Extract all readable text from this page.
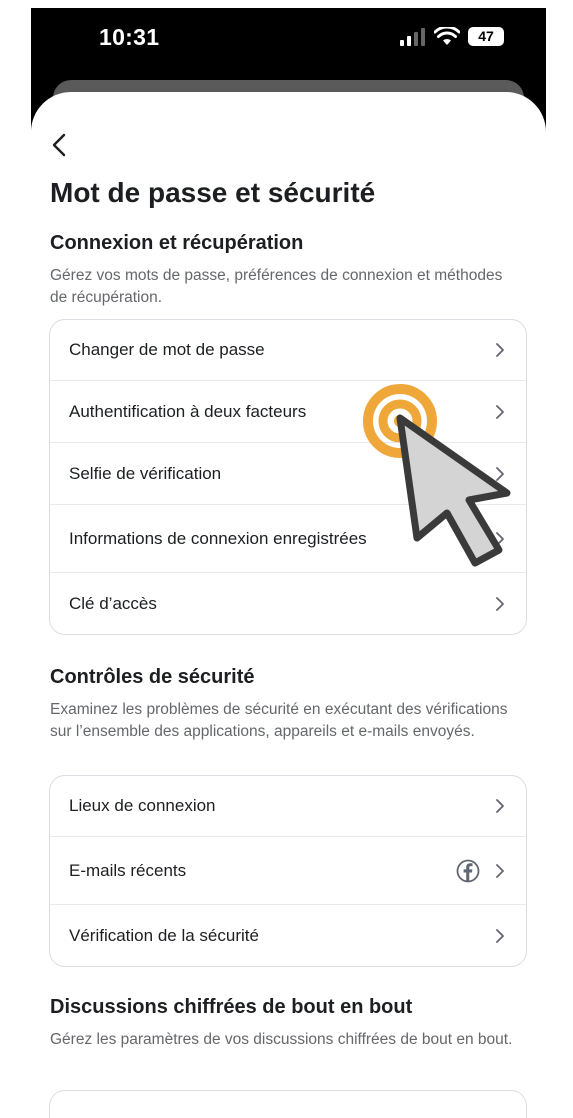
10:31	47
Mot de passe et sécurité
Connexion et récupération
Gérez vos mots de passe, préférences de connexion et méthodes de récupération.
Changer de mot de passe
Authentification à deux facteurs
Selfie de vérification
Informations de connexion enregistrées
Clé d’accès
Contrôles de sécurité
Examinez les problèmes de sécurité en exécutant des vérifications sur l’ensemble des applications, appareils et e-mails envoyés.
Lieux de connexion
E-mails récents
Vérification de la sécurité
Discussions chiffrées de bout en bout
Gérez les paramètres de vos discussions chiffrées de bout en bout.
